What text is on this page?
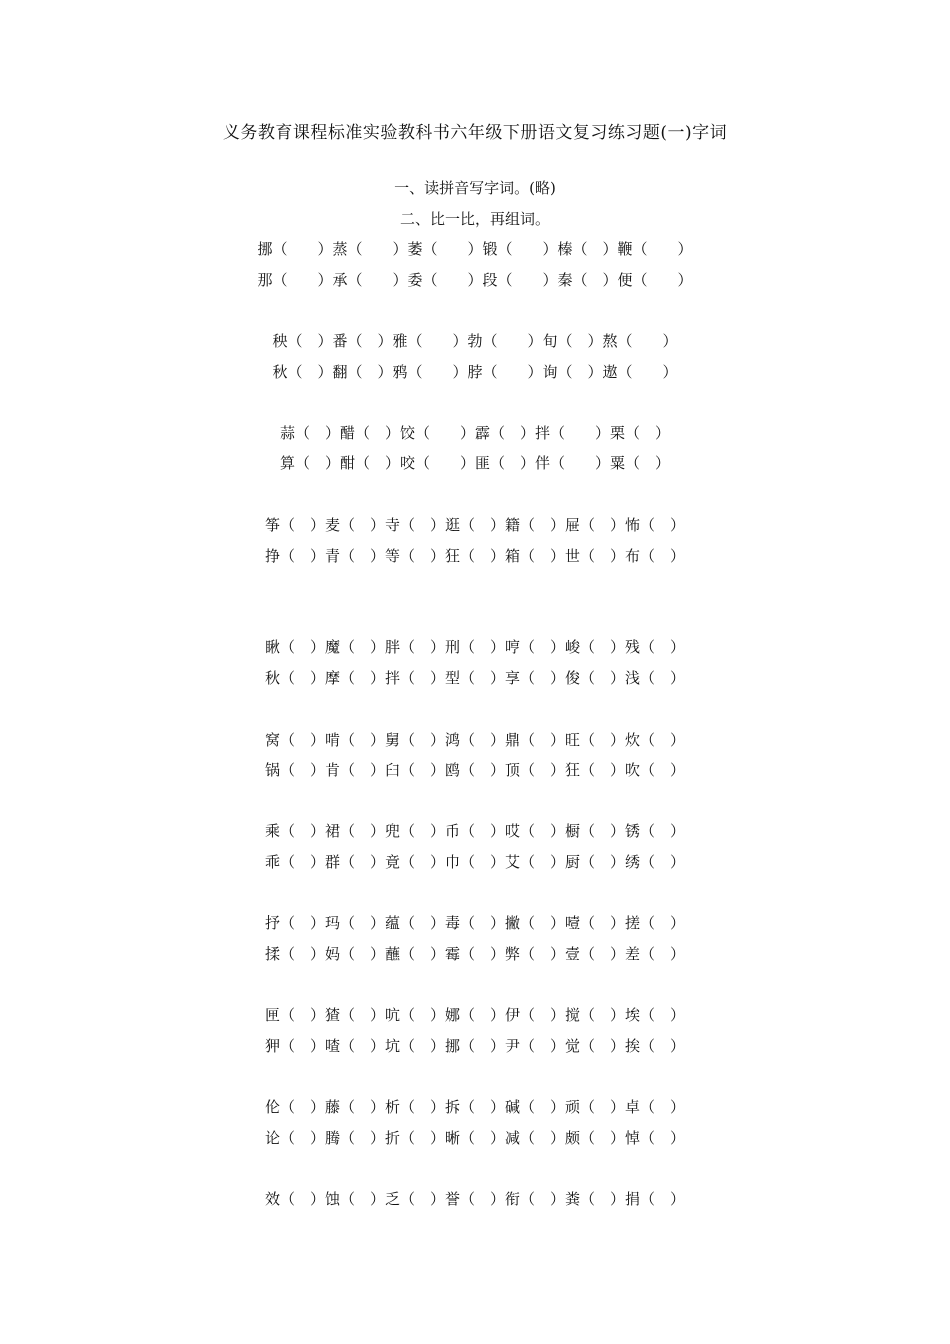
义务教育课程标准实验教科书六年级下册语文复习练习题(一)字词
一、读拼音写字词。(略)
二、比一比，再组词。
挪（　　）蒸（　　）萎（　　）锻（　　）榛（　）鞭（　　）
那（　　）承（　　）委（　　）段（　　）秦（　）便（　　）
秧（　）番（　）雅（　　）勃（　　）旬（　）熬（　　）
秋（　）翻（　）鸦（　　）脖（　　）询（　）遨（　　）
蒜（　）醋（　）饺（　　）霹（　）拌（　　）栗（　）
算（　）酣（　）咬（　　）匪（　）伴（　　）粟（　）
筝（　）麦（　）寺（　）逛（　）籍（　）屉（　）怖（　）
挣（　）青（　）等（　）狂（　）箱（　）世（　）布（　）
瞅（　）魔（　）胖（　）刑（　）哼（　）峻（　）残（　）
秋（　）摩（　）拌（　）型（　）享（　）俊（　）浅（　）
窝（　）啃（　）舅（　）鸿（　）鼎（　）旺（　）炊（　）
锅（　）肯（　）臼（　）鸥（　）顶（　）狂（　）吹（　）
乘（　）裙（　）兜（　）币（　）哎（　）橱（　）锈（　）
乖（　）群（　）竟（　）巾（　）艾（　）厨（　）绣（　）
抒（　）玛（　）蕴（　）毒（　）撇（　）噎（　）搓（　）
揉（　）妈（　）蘸（　）霉（　）弊（　）壹（　）差（　）
匣（　）猹（　）吭（　）娜（　）伊（　）搅（　）埃（　）
狎（　）喳（　）坑（　）挪（　）尹（　）觉（　）挨（　）
伦（　）藤（　）析（　）拆（　）碱（　）顽（　）卓（　）
论（　）腾（　）折（　）晰（　）减（　）颇（　）悼（　）
效（　）蚀（　）乏（　）誉（　）衔（　）粪（　）捐（　）
